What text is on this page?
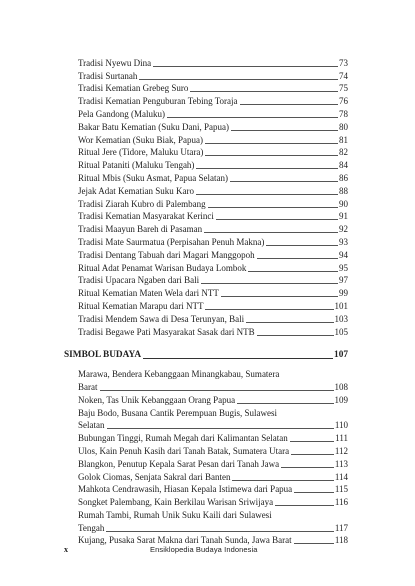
Tradisi Nyewu Dina	73
Tradisi Surtanah	74
Tradisi Kematian Grebeg Suro	75
Tradisi Kematian Penguburan Tebing Toraja	76
Pela Gandong (Maluku)	78
Bakar Batu Kematian (Suku Dani, Papua)	80
Wor Kematian (Suku Biak, Papua)	81
Ritual Jere (Tidore, Maluku Utara)	82
Ritual Pataniti (Maluku Tengah)	84
Ritual Mbis (Suku Asmat, Papua Selatan)	86
Jejak Adat Kematian Suku Karo	88
Tradisi Ziarah Kubro di Palembang	90
Tradisi Kematian Masyarakat Kerinci	91
Tradisi Maayun Bareh di Pasaman	92
Tradisi Mate Saurmatua (Perpisahan Penuh Makna)	93
Tradisi Dentang Tabuah dari Magari Manggopoh	94
Ritual Adat Penamat Warisan Budaya Lombok	95
Tradisi Upacara Ngaben dari Bali	97
Ritual Kematian Maten Wela dari NTT	99
Ritual Kematian Marapu dari NTT	101
Tradisi Mendem Sawa di Desa Terunyan, Bali	103
Tradisi Begawe Pati Masyarakat Sasak dari NTB	105
SIMBOL BUDAYA	107
Marawa, Bendera Kebanggaan Minangkabau, Sumatera
Barat	108
Noken, Tas Unik Kebanggaan Orang Papua	109
Baju Bodo, Busana Cantik Perempuan Bugis, Sulawesi
Selatan	110
Bubungan Tinggi, Rumah Megah dari Kalimantan Selatan	111
Ulos, Kain Penuh Kasih dari Tanah Batak, Sumatera Utara	112
Blangkon, Penutup Kepala Sarat Pesan dari Tanah Jawa	113
Golok Ciomas, Senjata Sakral dari Banten	114
Mahkota Cendrawasih, Hiasan Kepala Istimewa dari Papua	115
Songket Palembang, Kain Berkilau Warisan Sriwijaya	116
Rumah Tambi, Rumah Unik Suku Kaili dari Sulawesi
Tengah	117
Kujang, Pusaka Sarat Makna dari Tanah Sunda, Jawa Barat	118
x	Ensiklopedia Budaya Indonesia
